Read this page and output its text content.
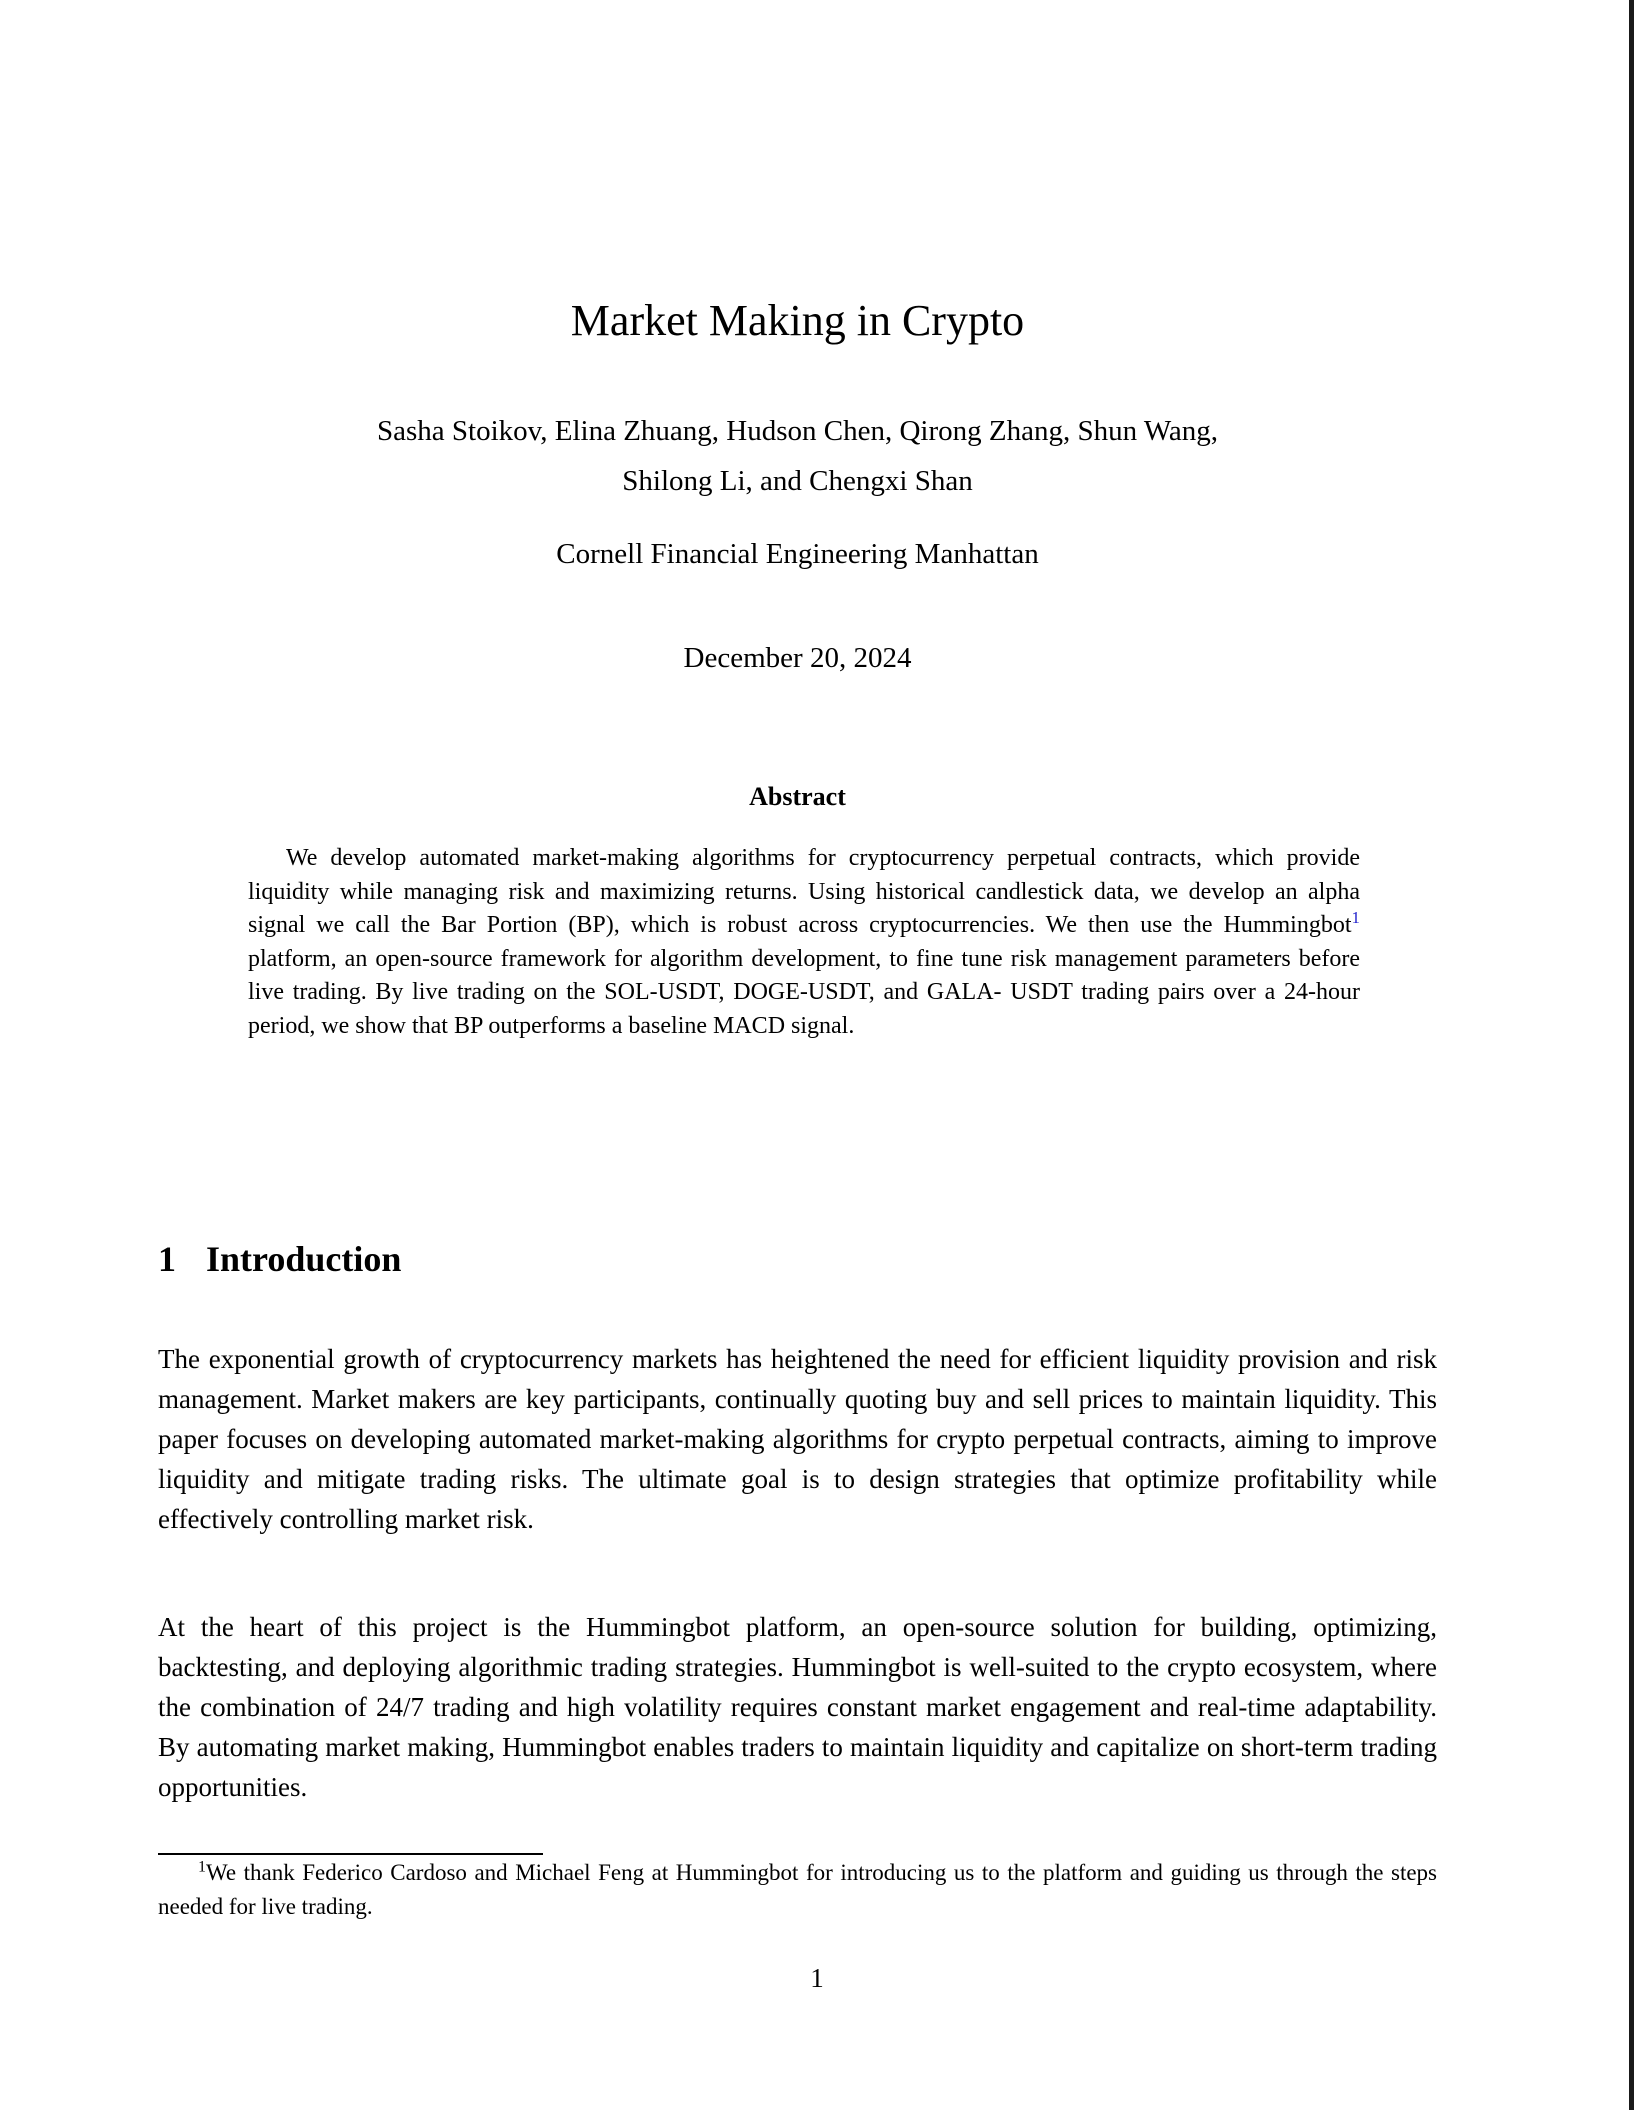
Market Making in Crypto
Sasha Stoikov, Elina Zhuang, Hudson Chen, Qirong Zhang, Shun Wang,
Shilong Li, and Chengxi Shan
Cornell Financial Engineering Manhattan
December 20, 2024
Abstract
We develop automated market-making algorithms for cryptocurrency perpetual contracts, which provide liquidity while managing risk and maximizing returns. Using historical candlestick data, we develop an alpha signal we call the Bar Portion (BP), which is robust across cryptocurrencies. We then use the Hummingbot$^1$ platform, an open-source framework for algorithm development, to fine tune risk management parameters before live trading. By live trading on the SOL-USDT, DOGE-USDT, and GALA- USDT trading pairs over a 24-hour period, we show that BP outperforms a baseline MACD signal.
1 Introduction
The exponential growth of cryptocurrency markets has heightened the need for efficient liquidity provision and risk management. Market makers are key participants, continually quoting buy and sell prices to maintain liquidity. This paper focuses on developing automated market-making algorithms for crypto perpetual contracts, aiming to improve liquidity and mitigate trading risks. The ultimate goal is to design strategies that optimize profitability while effectively controlling market risk.
At the heart of this project is the Hummingbot platform, an open-source solution for building, optimizing, backtesting, and deploying algorithmic trading strategies. Hummingbot is well-suited to the crypto ecosystem, where the combination of 24/7 trading and high volatility requires constant market engagement and real-time adaptability. By automating market making, Hummingbot enables traders to maintain liquidity and capitalize on short-term trading opportunities.
$^1$We thank Federico Cardoso and Michael Feng at Hummingbot for introducing us to the platform and guiding us through the steps needed for live trading.
1
